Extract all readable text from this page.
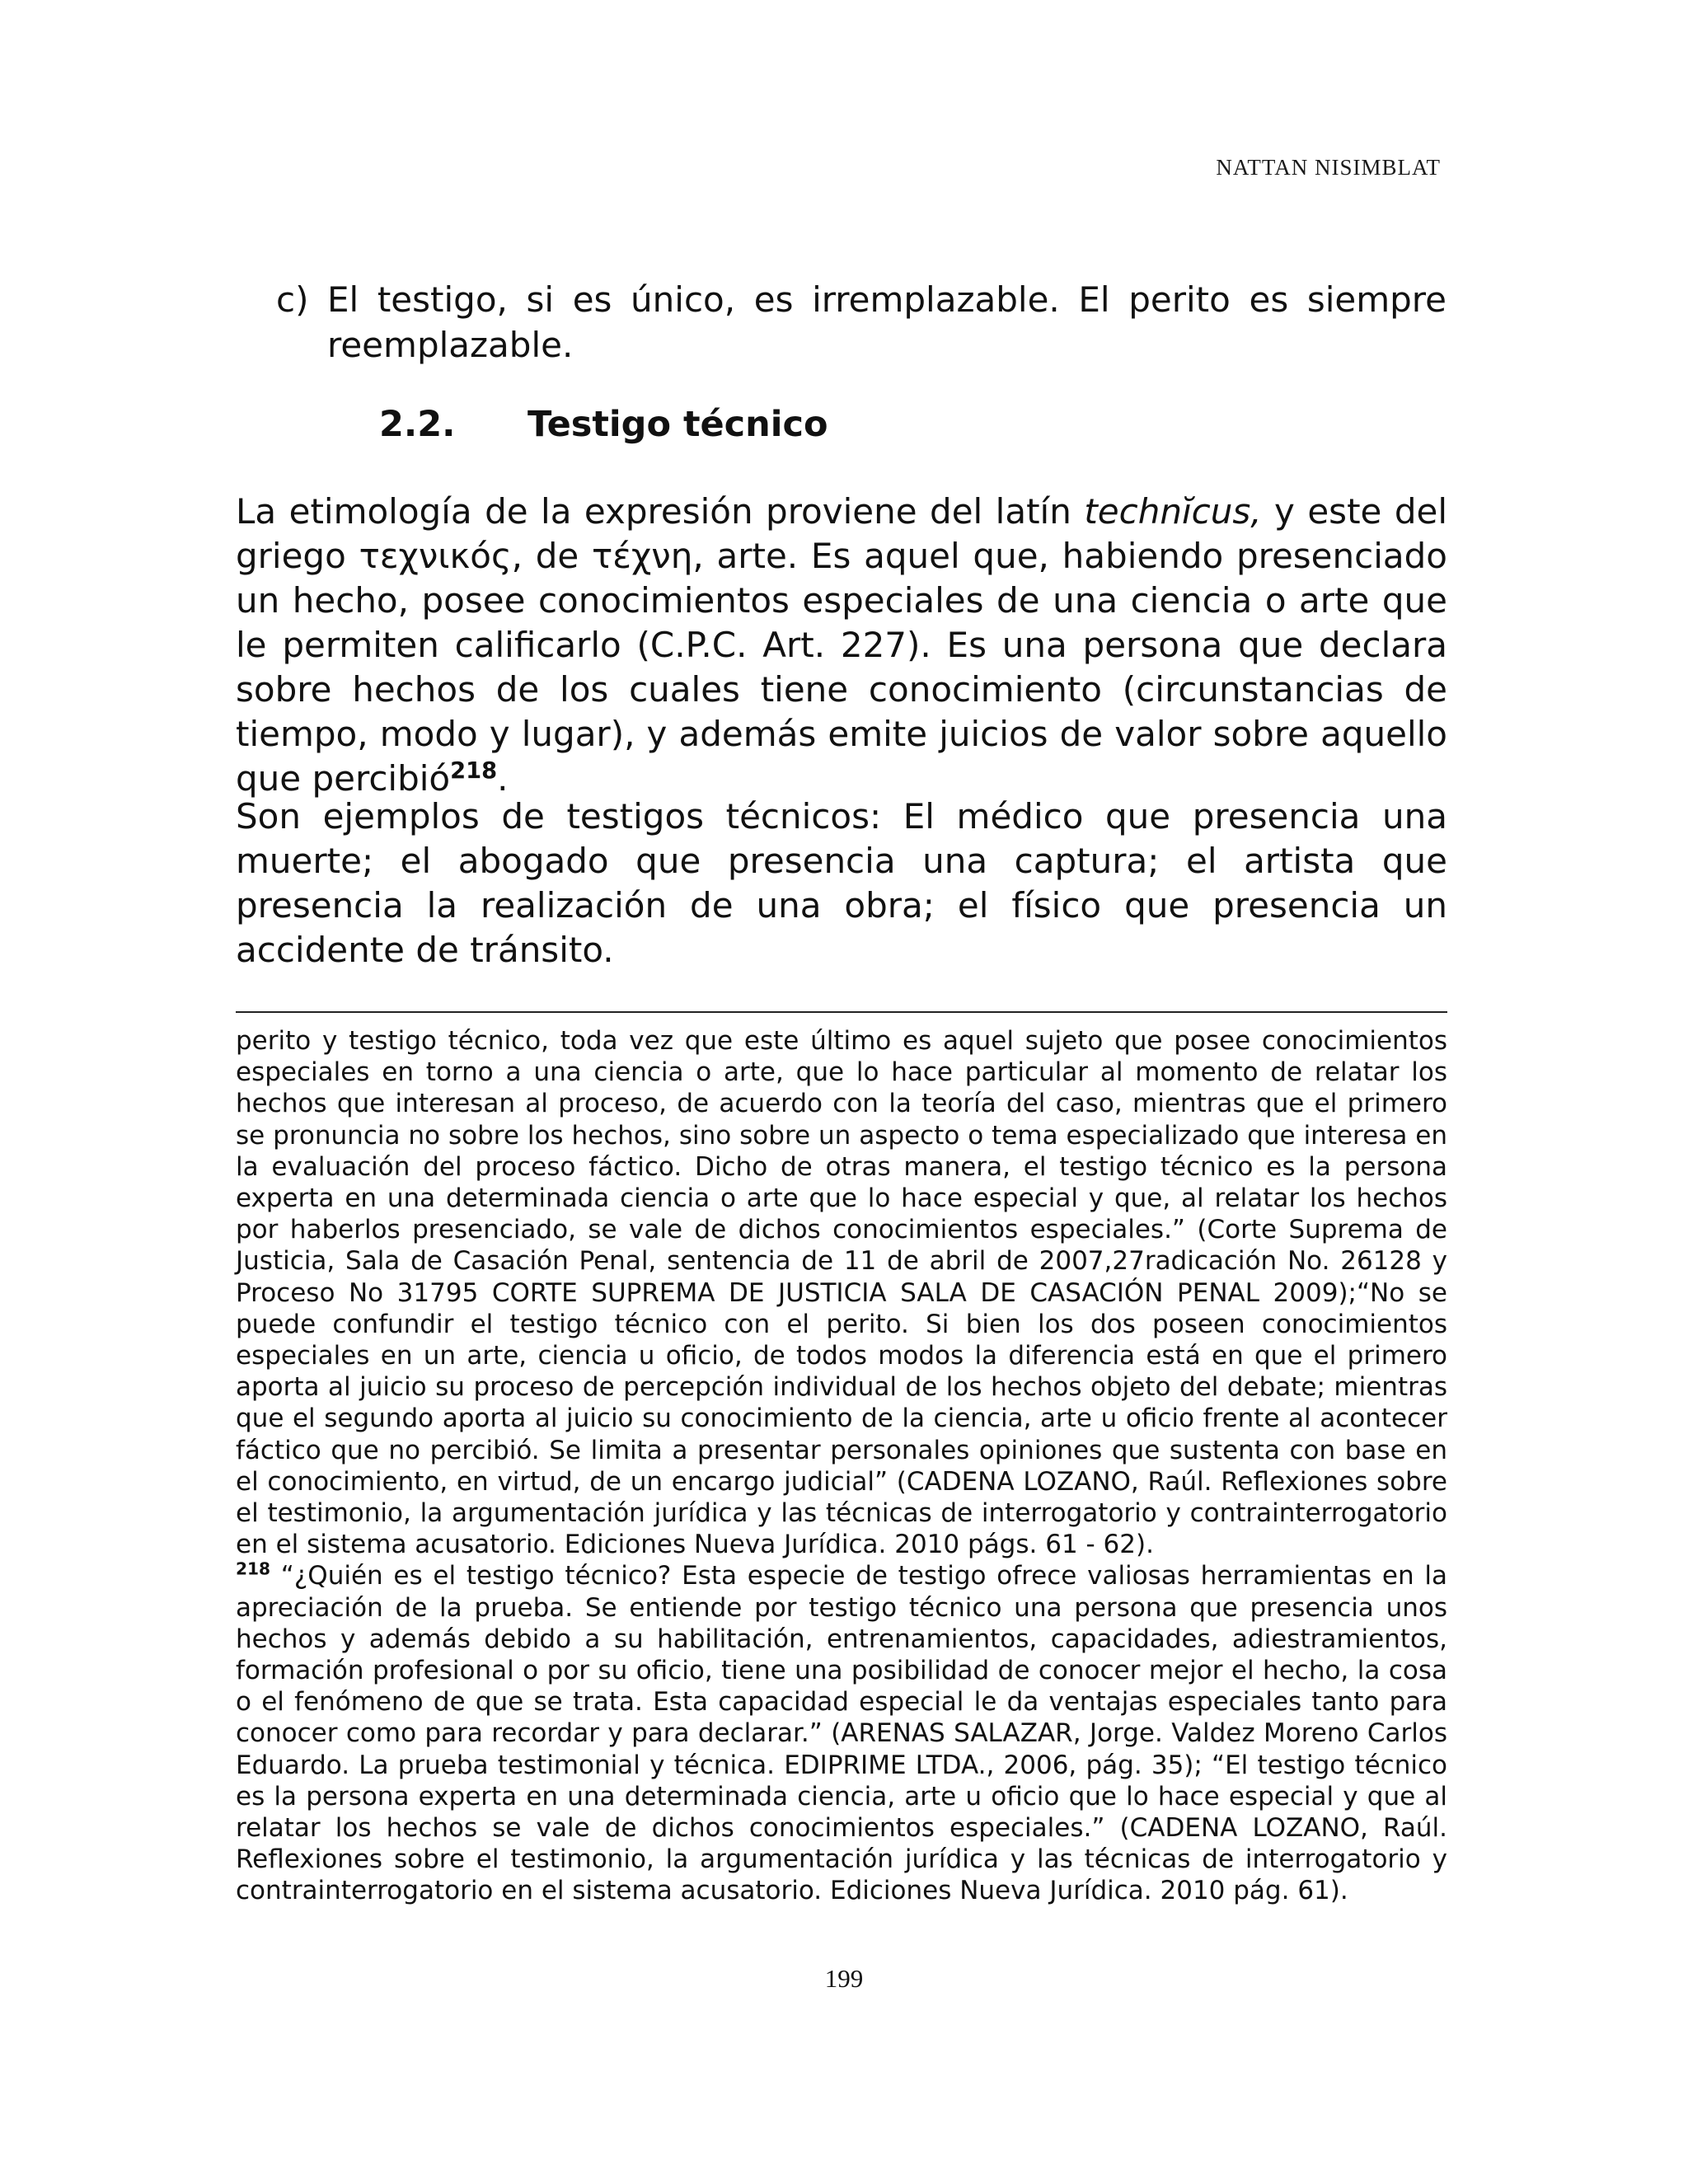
NATTAN NISIMBLAT
c) El testigo, si es único, es irremplazable. El perito es siempre reemplazable.
2.2. Testigo técnico

La etimología de la expresión proviene del latín technĭcus, y este del griego τεχνικός, de τέχνη, arte. Es aquel que, habiendo presenciado un hecho, posee conocimientos especiales de una ciencia o arte que le permiten calificarlo (C.P.C. Art. 227). Es una persona que declara sobre hechos de los cuales tiene conocimiento (circunstancias de tiempo, modo y lugar), y además emite juicios de valor sobre aquello que percibió$^{218}$.

Son ejemplos de testigos técnicos: El médico que presencia una muerte; el abogado que presencia una captura; el artista que presencia la realización de una obra; el físico que presencia un accidente de tránsito.

perito y testigo técnico, toda vez que este último es aquel sujeto que posee conocimientos especiales en torno a una ciencia o arte, que lo hace particular al momento de relatar los hechos que interesan al proceso, de acuerdo con la teoría del caso, mientras que el primero se pronuncia no sobre los hechos, sino sobre un aspecto o tema especializado que interesa en la evaluación del proceso fáctico. Dicho de otras manera, el testigo técnico es la persona experta en una determinada ciencia o arte que lo hace especial y que, al relatar los hechos por haberlos presenciado, se vale de dichos conocimientos especiales.” (Corte Suprema de Justicia, Sala de Casación Penal, sentencia de 11 de abril de 2007,27radicación No. 26128 y Proceso No 31795 CORTE SUPREMA DE JUSTICIA SALA DE CASACIÓN PENAL 2009);“No se puede confundir el testigo técnico con el perito. Si bien los dos poseen conocimientos especiales en un arte, ciencia u oficio, de todos modos la diferencia está en que el primero aporta al juicio su proceso de percepción individual de los hechos objeto del debate; mientras que el segundo aporta al juicio su conocimiento de la ciencia, arte u oficio frente al acontecer fáctico que no percibió. Se limita a presentar personales opiniones que sustenta con base en el conocimiento, en virtud, de un encargo judicial” (CADENA LOZANO, Raúl. Reflexiones sobre el testimonio, la argumentación jurídica y las técnicas de interrogatorio y contrainterrogatorio en el sistema acusatorio. Ediciones Nueva Jurídica. 2010 págs. 61 - 62).

$^{218}$ “¿Quién es el testigo técnico? Esta especie de testigo ofrece valiosas herramientas en la apreciación de la prueba. Se entiende por testigo técnico una persona que presencia unos hechos y además debido a su habilitación, entrenamientos, capacidades, adiestramientos, formación profesional o por su oficio, tiene una posibilidad de conocer mejor el hecho, la cosa o el fenómeno de que se trata. Esta capacidad especial le da ventajas especiales tanto para conocer como para recordar y para declarar.” (ARENAS SALAZAR, Jorge. Valdez Moreno Carlos Eduardo. La prueba testimonial y técnica. EDIPRIME LTDA., 2006, pág. 35); “El testigo técnico es la persona experta en una determinada ciencia, arte u oficio que lo hace especial y que al relatar los hechos se vale de dichos conocimientos especiales.” (CADENA LOZANO, Raúl. Reflexiones sobre el testimonio, la argumentación jurídica y las técnicas de interrogatorio y contrainterrogatorio en el sistema acusatorio. Ediciones Nueva Jurídica. 2010 pág. 61).

199
